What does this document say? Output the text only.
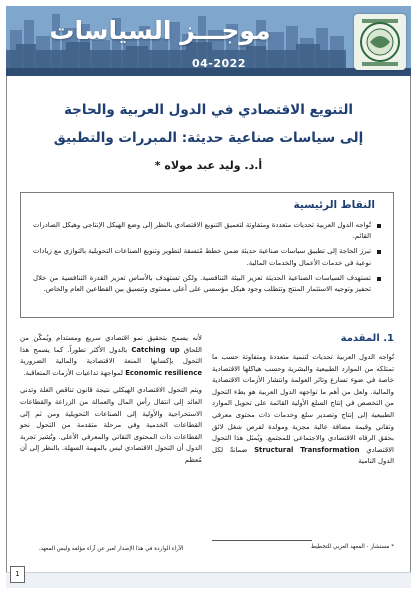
موجـــز السياسات
04-2022
التنويع الاقتصادي في الدول العربية والحاجة
إلى سياسات صناعية حديثة: المبررات والتطبيق
أ.د. وليد عبد مولاه *
النقاط الرئيسية
تُواجه الدول العربية تحديات متعددة ومتفاوتة لتعميق التنويع الاقتصادي بالنظر إلى وضع الهيكل الإنتاجي وهيكل الصادرات القائم.
تبرز الحاجة إلى تطبيق سياسات صناعية حديثة ضمن خطط مُتسقة لتطوير وتنويع الصناعات التحويلية بالتوازي مع زيادات نوعية في خدمات الأعمال والخدمات المالية.
تستهدف السياسات الصناعية الحديثة تعزيز البيئة التنافسية. ولكن تستهدف بالأساس تعزيز القدرة التنافسية من خلال تحفيز وتوجيه الاستثمار المنتج وتتطلب وجود هيكل مؤسسي على أعلى مستوى وتنسيق بين القطاعين العام والخاص.
1. المقدمة

تُواجه الدول العربية تحديات لتنمية متعددة ومتفاوتة حسب ما تمتلكه من الموارد الطبيعية والبشرية وحسب هياكلها الاقتصادية خاصة في ضوء تسارع وتائر العولمة وانتشار الأزمات الاقتصادية والمالية. ولعل من أهم ما تواجهه الدول العربية هو بطء التحول من التخصص في إنتاج السلع الأولية القائمة على تحويل الموارد الطبيعية إلى إنتاج وتصدير سلع وخدمات ذات محتوى معرفي وتقاني وقيمة مضافة عالية مجزية ومولدة لفرص شغل لائق بحقق الرفاه الاقتصادي والاجتماعي للمجتمع. ويُمثل هذا التحول الاقتصادي Structural Transformation ضمانةً لكل الدول النامية

لأنه يسمح بتحقيق نمو اقتصادي سريع ومستدام ويُمكّن من اللحاق Catching up بالدول الأكثر تطوراً. كما يسمح هذا التحول بإكسابها المنعة الاقتصادية والمالية الضرورية Economic resilience لمواجهة تداعيات الأزمات المتعاقبة.

ويتم التحول الاقتصادي الهيكلي نتيجة قانون تناقص الغلة وتدني العائد إلى انتقال رأس المال والعمالة من الزراعة والقطاعات الاستخراجية والأولية إلى الصناعات التحويلية ومن ثم إلى القطاعات الخدمية وفي مرحلة متقدمة من التحول نحو القطاعات ذات المحتوى التقاني والمعرفي الأعلى. وتُشير تجربة الدول أن التحول الاقتصادي ليس بالمهمة السهلة. بالنظر إلى أن مُعظم

* مستشار - المعهد العربي للتخطيط
الآراء الواردة في هذا الإصدار تُعبر عن آراء مؤلفه وليس المعهد.
1
